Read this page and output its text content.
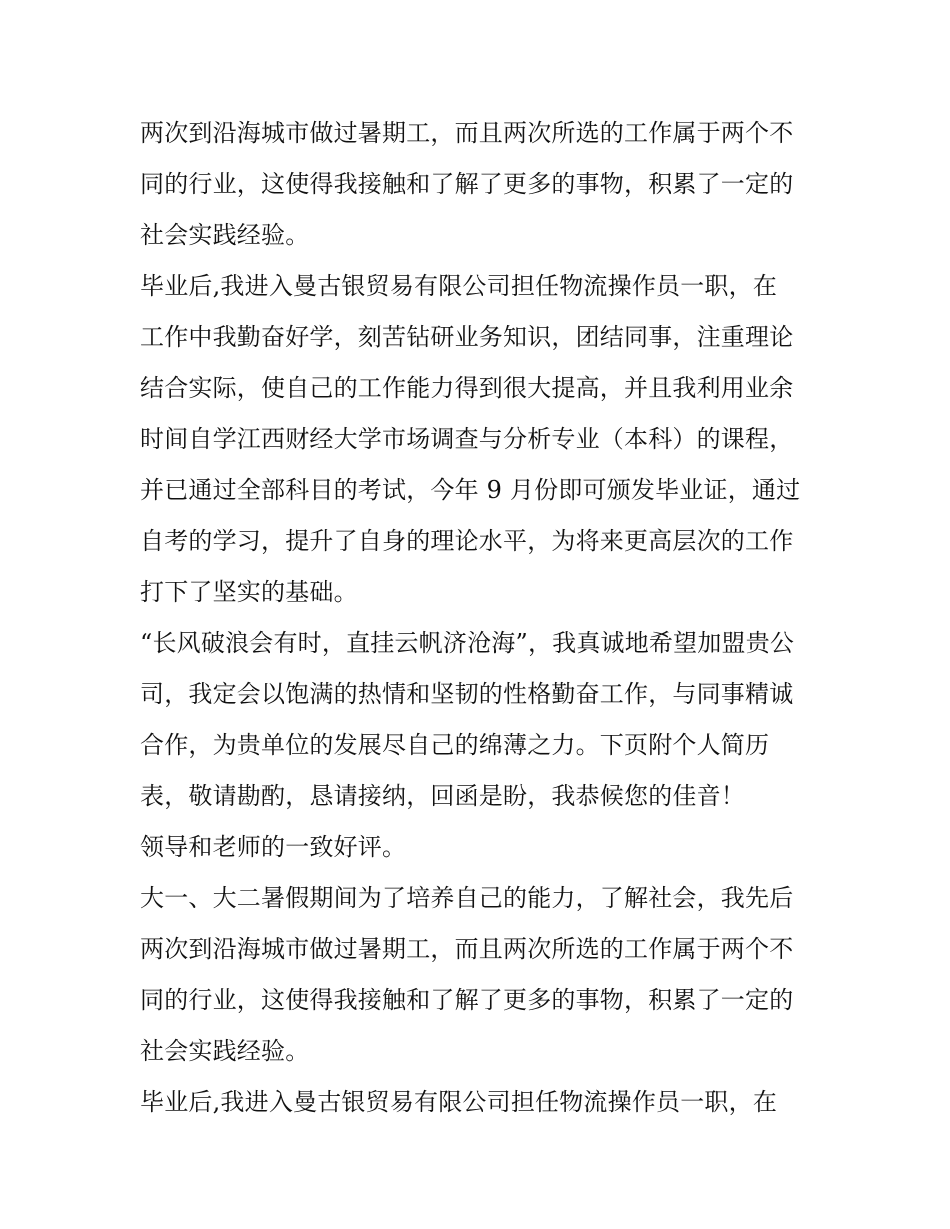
两次到沿海城市做过暑期工，而且两次所选的工作属于两个不
同的行业，这使得我接触和了解了更多的事物，积累了一定的
社会实践经验。
毕业后,我进入曼古银贸易有限公司担任物流操作员一职，在
工作中我勤奋好学，刻苦钻研业务知识，团结同事，注重理论
结合实际，使自己的工作能力得到很大提高，并且我利用业余
时间自学江西财经大学市场调查与分析专业（本科）的课程，
并已通过全部科目的考试，今年 9 月份即可颁发毕业证，通过
自考的学习，提升了自身的理论水平，为将来更高层次的工作
打下了坚实的基础。
“长风破浪会有时，直挂云帆济沧海”，我真诚地希望加盟贵公
司，我定会以饱满的热情和坚韧的性格勤奋工作，与同事精诚
合作，为贵单位的发展尽自己的绵薄之力。下页附个人简历
表，敬请勘酌，恳请接纳，回函是盼，我恭候您的佳音！
领导和老师的一致好评。
大一、大二暑假期间为了培养自己的能力，了解社会，我先后
两次到沿海城市做过暑期工，而且两次所选的工作属于两个不
同的行业，这使得我接触和了解了更多的事物，积累了一定的
社会实践经验。
毕业后,我进入曼古银贸易有限公司担任物流操作员一职，在
